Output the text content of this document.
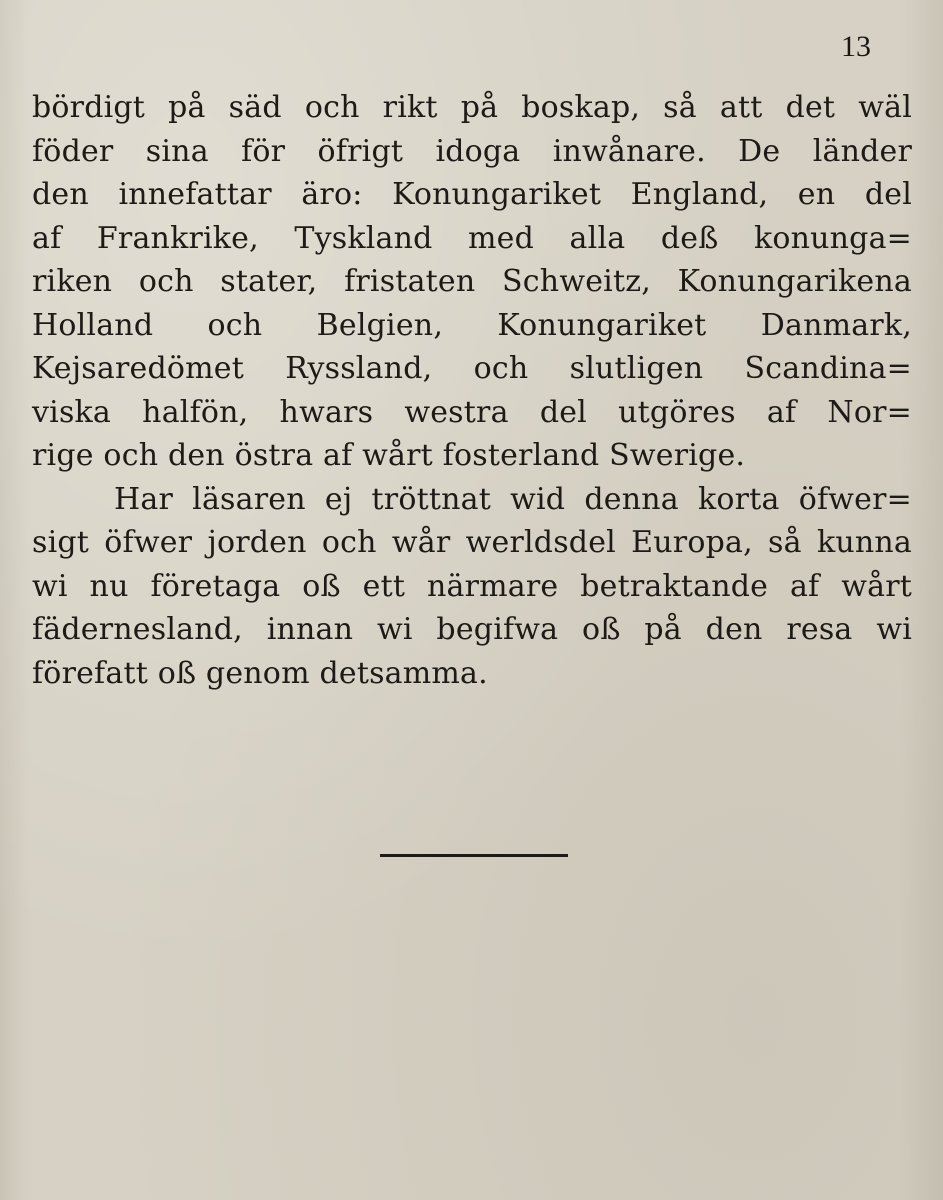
13
bördigt på säd och rikt på boskap, så att det wäl
föder sina för öfrigt idoga inwånare. De länder
den innefattar äro: Konungariket England, en del
af Frankrike, Tyskland med alla deß konunga=
riken och stater, fristaten Schweitz, Konungarikena
Holland och Belgien, Konungariket Danmark,
Kejsaredömet Ryssland, och slutligen Scandina=
viska halfön, hwars westra del utgöres af Nor=
rige och den östra af wårt fosterland Swerige.
Har läsaren ej tröttnat wid denna korta öfwer=
sigt öfwer jorden och wår werldsdel Europa, så kunna
wi nu företaga oß ett närmare betraktande af wårt
fädernesland, innan wi begifwa oß på den resa wi
förefatt oß genom detsamma.
